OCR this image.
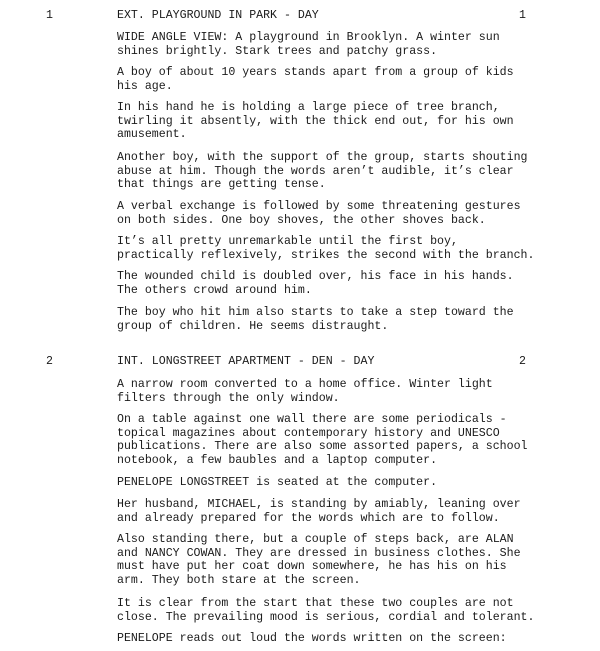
1	EXT. PLAYGROUND IN PARK - DAY	1
WIDE ANGLE VIEW: A playground in Brooklyn. A winter sun
shines brightly. Stark trees and patchy grass.
A boy of about 10 years stands apart from a group of kids
his age.
In his hand he is holding a large piece of tree branch,
twirling it absently, with the thick end out, for his own
amusement.
Another boy, with the support of the group, starts shouting
abuse at him. Though the words aren’t audible, it’s clear
that things are getting tense.
A verbal exchange is followed by some threatening gestures
on both sides. One boy shoves, the other shoves back.
It’s all pretty unremarkable until the first boy,
practically reflexively, strikes the second with the branch.
The wounded child is doubled over, his face in his hands.
The others crowd around him.
The boy who hit him also starts to take a step toward the
group of children. He seems distraught.
2	INT. LONGSTREET APARTMENT - DEN - DAY	2
A narrow room converted to a home office. Winter light
filters through the only window.
On a table against one wall there are some periodicals -
topical magazines about contemporary history and UNESCO
publications. There are also some assorted papers, a school
notebook, a few baubles and a laptop computer.
PENELOPE LONGSTREET is seated at the computer.
Her husband, MICHAEL, is standing by amiably, leaning over
and already prepared for the words which are to follow.
Also standing there, but a couple of steps back, are ALAN
and NANCY COWAN. They are dressed in business clothes. She
must have put her coat down somewhere, he has his on his
arm. They both stare at the screen.
It is clear from the start that these two couples are not
close. The prevailing mood is serious, cordial and tolerant.
PENELOPE reads out loud the words written on the screen:
